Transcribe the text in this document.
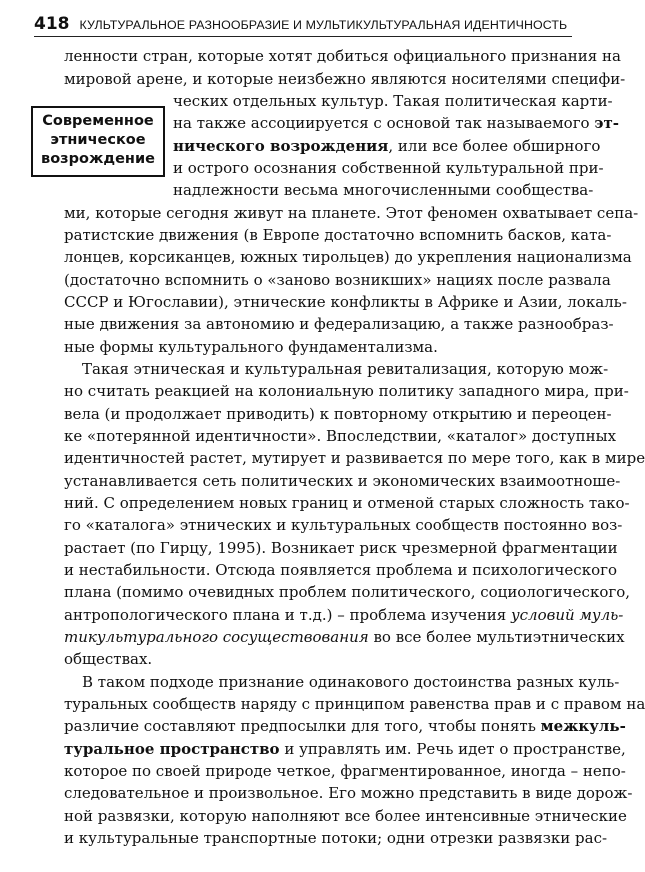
418 КУЛЬТУРАЛЬНОЕ РАЗНООБРАЗИЕ И МУЛЬТИКУЛЬТУРАЛЬНАЯ ИДЕНТИЧНОСТЬ
Современное
этническое
возрождение
ленности стран, которые хотят добиться официального признания на
мировой арене, и которые неизбежно являются носителями специфи-
ческих отдельных культур. Такая политическая карти-
на также ассоциируется с основой так называемого эт-
нического возрождения, или все более обширного
и острого осознания собственной культуральной при-
надлежности весьма многочисленными сообщества-
ми, которые сегодня живут на планете. Этот феномен охватывает сепа-
ратистские движения (в Европе достаточно вспомнить басков, ката-
лонцев, корсиканцев, южных тирольцев) до укрепления национализма
(достаточно вспомнить о «заново возникших» нациях после развала
СССР и Югославии), этнические конфликты в Африке и Азии, локаль-
ные движения за автономию и федерализацию, а также разнообраз-
ные формы культурального фундаментализма.
Такая этническая и культуральная ревитализация, которую мож-
но считать реакцией на колониальную политику западного мира, при-
вела (и продолжает приводить) к повторному открытию и переоцен-
ке «потерянной идентичности». Впоследствии, «каталог» доступных
идентичностей растет, мутирует и развивается по мере того, как в мире
устанавливается сеть политических и экономических взаимоотноше-
ний. С определением новых границ и отменой старых сложность тако-
го «каталога» этнических и культуральных сообществ постоянно воз-
растает (по Гирцу, 1995). Возникает риск чрезмерной фрагментации
и нестабильности. Отсюда появляется проблема и психологического
плана (помимо очевидных проблем политического, социологического,
антропологического плана и т.д.) – проблема изучения условий муль-
тикультурального сосуществования во все более мультиэтнических
обществах.
В таком подходе признание одинакового достоинства разных куль-
туральных сообществ наряду с принципом равенства прав и с правом на
различие составляют предпосылки для того, чтобы понять межкуль-
туральное пространство и управлять им. Речь идет о пространстве,
которое по своей природе четкое, фрагментированное, иногда – непо-
следовательное и произвольное. Его можно представить в виде дорож-
ной развязки, которую наполняют все более интенсивные этнические
и культуральные транспортные потоки; одни отрезки развязки рас-
